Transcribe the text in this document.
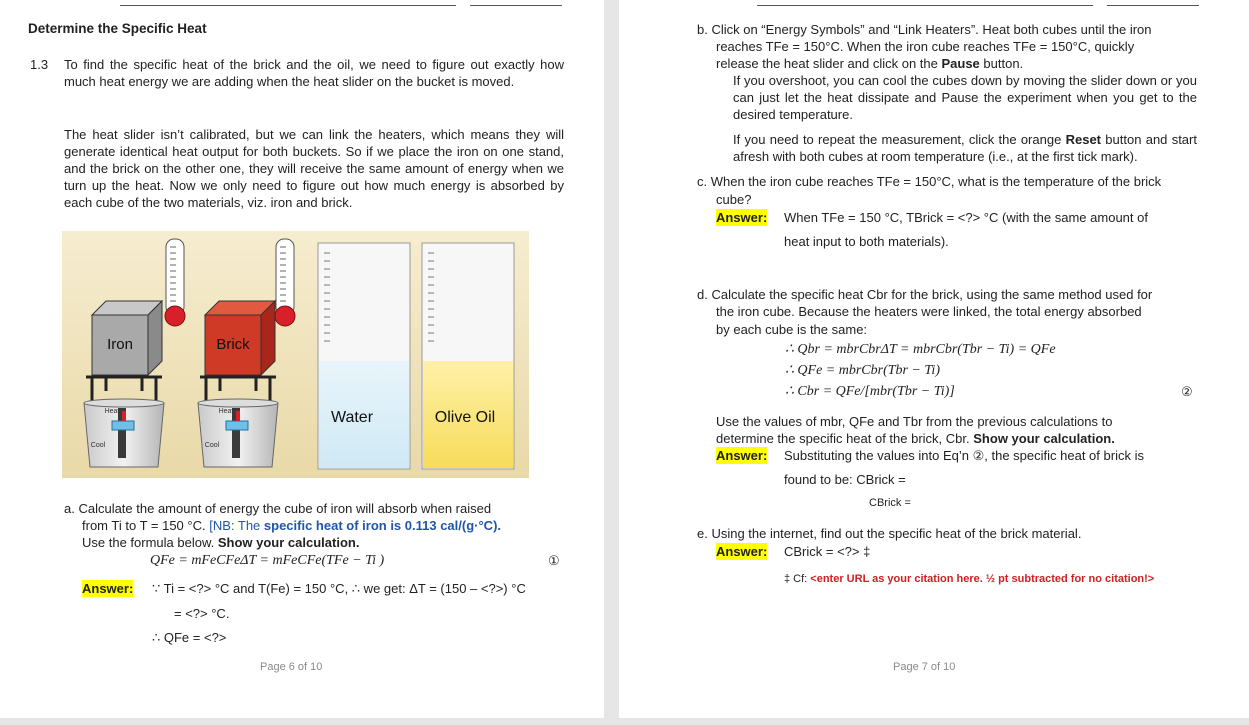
Determine the Specific Heat
1.3 To find the specific heat of the brick and the oil, we need to figure out exactly how much heat energy we are adding when the heat slider on the bucket is moved.
The heat slider isn’t calibrated, but we can link the heaters, which means they will generate identical heat output for both buckets. So if we place the iron on one stand, and the brick on the other one, they will receive the same amount of energy when we turn up the heat. Now we only need to figure out how much energy is absorbed by each cube of the two materials, viz. iron and brick.
Iron	Brick
Heat
Cool
Heat
Cool
Water	Olive Oil
a. Calculate the amount of energy the cube of iron will absorb when raised
from Ti to T = 150 °C. [NB: The specific heat of iron is 0.113 cal/(g·°C).
Use the formula below. Show your calculation.
QFe = mFeCFeΔT = mFeCFe(TFe − Ti )	①
Answer: ∵ Ti = <?> °C and T(Fe) = 150 °C, ∴ we get: ΔT = (150 – <?>) °C
= <?> °C.
∴ QFe = <?>
Page 6 of 10
b. Click on “Energy Symbols” and “Link Heaters”. Heat both cubes until the iron
reaches TFe = 150°C. When the iron cube reaches TFe = 150°C, quickly
release the heat slider and click on the Pause button.
If you overshoot, you can cool the cubes down by moving the slider down or you can just let the heat dissipate and Pause the experiment when you get to the desired temperature.
If you need to repeat the measurement, click the orange Reset button and start afresh with both cubes at room temperature (i.e., at the first tick mark).
c. When the iron cube reaches TFe = 150°C, what is the temperature of the brick
cube?
Answer: When TFe = 150 °C, TBrick = <?> °C (with the same amount of
heat input to both materials).
d. Calculate the specific heat Cbr for the brick, using the same method used for
the iron cube. Because the heaters were linked, the total energy absorbed
by each cube is the same:
∴ Qbr = mbrCbrΔT = mbrCbr(Tbr − Ti) = QFe
∴ QFe = mbrCbr(Tbr − Ti)
∴ Cbr = QFe/[mbr(Tbr − Ti)]	②
Use the values of mbr, QFe and Tbr from the previous calculations to
determine the specific heat of the brick, Cbr. Show your calculation.
Answer: Substituting the values into Eq’n ②, the specific heat of brick is
found to be: CBrick =
CBrick =
e. Using the internet, find out the specific heat of the brick material.
Answer: CBrick = <?> ‡
‡ Cf: <enter URL as your citation here. ½ pt subtracted for no citation!>
Page 7 of 10
